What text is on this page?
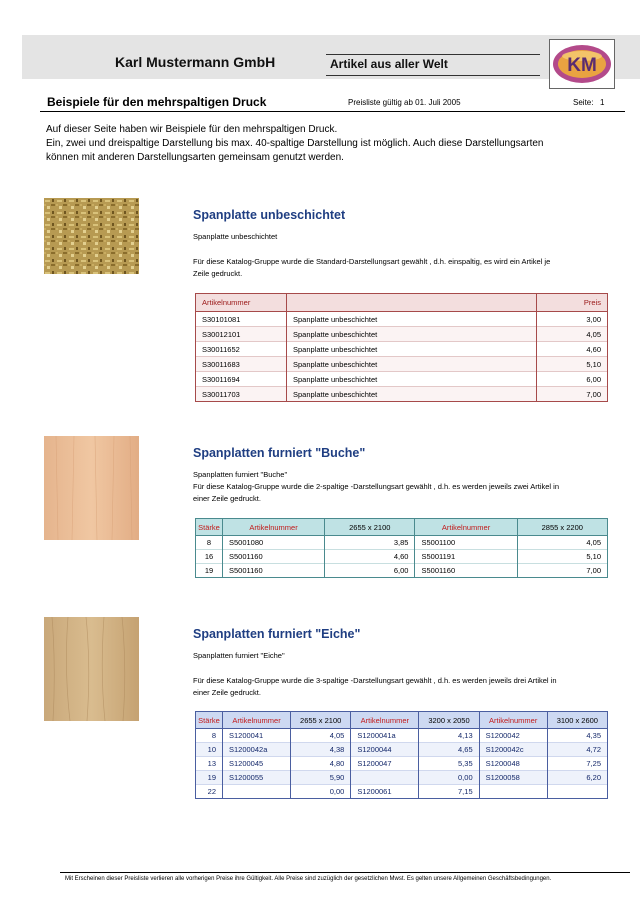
Karl Mustermann GmbH	Artikel aus aller Welt	KM
Beispiele für den mehrspaltigen Druck	Preisliste gültig ab 01. Juli 2005	Seite: 1
Auf dieser Seite haben wir Beispiele für den mehrspaltigen Druck.
Ein, zwei und dreispaltige Darstellung bis max. 40-spaltige Darstellung ist möglich. Auch diese Darstellungsarten
können mit anderen Darstellungsarten gemeinsam genutzt werden.
Spanplatte unbeschichtet
Spanplatte unbeschichtet
Für diese Katalog-Gruppe wurde die Standard-Darstellungsart gewählt , d.h. einspaltig, es wird ein Artikel je
Zeile gedruckt.
Artikelnummer		Preis
S30101081	Spanplatte unbeschichtet	3,00
S30012101	Spanplatte unbeschichtet	4,05
S30011652	Spanplatte unbeschichtet	4,60
S30011683	Spanplatte unbeschichtet	5,10
S30011694	Spanplatte unbeschichtet	6,00
S30011703	Spanplatte unbeschichtet	7,00
Spanplatten furniert "Buche"
Spanplatten furniert "Buche"
Für diese Katalog-Gruppe wurde die 2-spaltige -Darstellungsart gewählt , d.h. es werden jeweils zwei Artikel in
einer Zeile gedruckt.
Stärke	Artikelnummer	2655 x 2100	Artikelnummer	2855 x 2200
8	S5001080	3,85	S5001100	4,05
16	S5001160	4,60	S5001191	5,10
19	S5001160	6,00	S5001160	7,00
Spanplatten furniert "Eiche"
Spanplatten furniert "Eiche"
Für diese Katalog-Gruppe wurde die 3-spaltige -Darstellungsart gewählt , d.h. es werden jeweils drei Artikel in
einer Zeile gedruckt.
Stärke	Artikelnummer	2655 x 2100	Artikelnummer	3200 x 2050	Artikelnummer	3100 x 2600
8	S1200041	4,05	S1200041a	4,13	S1200042	4,35
10	S1200042a	4,38	S1200044	4,65	S1200042c	4,72
13	S1200045	4,80	S1200047	5,35	S1200048	7,25
19	S1200055	5,90		0,00	S1200058	6,20
22		0,00	S1200061	7,15		
Mit Erscheinen dieser Preisliste verlieren alle vorherigen Preise ihre Gültigkeit. Alle Preise sind zuzüglich der gesetzlichen Mwst. Es gelten unsere Allgemeinen Geschäftsbedingungen.
